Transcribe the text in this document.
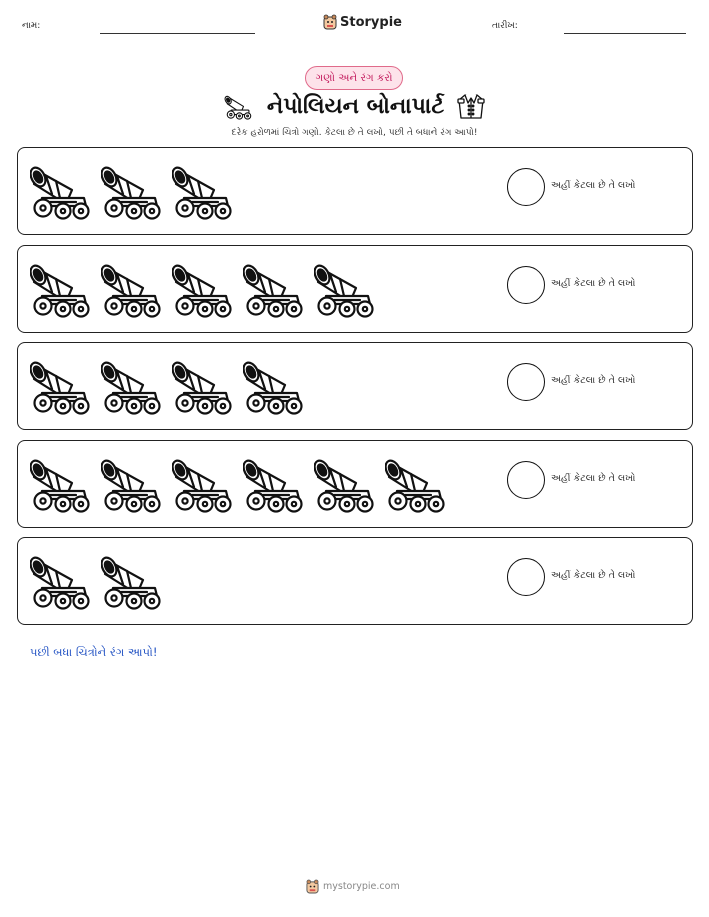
નામ:	Storypie	તારીખ:
ગણો અને રંગ કરો
નેપોલિયન બોનાપાર્ટ
દરેક હરોળમાં ચિત્રો ગણો. કેટલા છે તે લખો, પછી તે બધાને રંગ આપો!
અહીં કેટલા છે તે લખો
અહીં કેટલા છે તે લખો
અહીં કેટલા છે તે લખો
અહીં કેટલા છે તે લખો
અહીં કેટલા છે તે લખો
પછી બધા ચિત્રોને રંગ આપો!
mystorypie.com
